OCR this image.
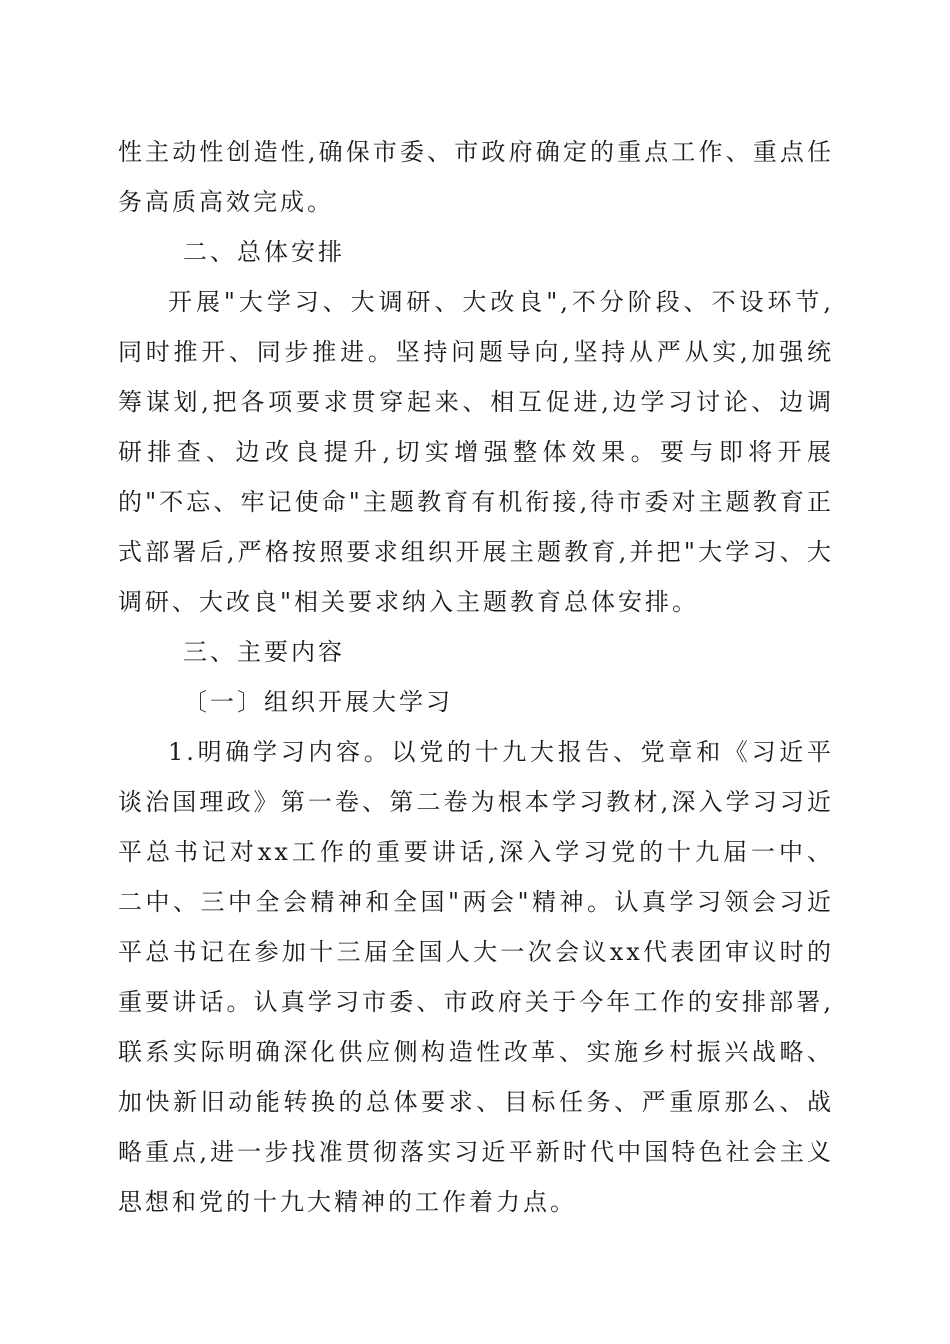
性主动性创造性,确保市委、市政府确定的重点工作、重点任务高质高效完成。

二、总体安排

开展"大学习、大调研、大改良",不分阶段、不设环节,同时推开、同步推进。坚持问题导向,坚持从严从实,加强统筹谋划,把各项要求贯穿起来、相互促进,边学习讨论、边调研排查、边改良提升,切实增强整体效果。要与即将开展的"不忘、牢记使命"主题教育有机衔接,待市委对主题教育正式部署后,严格按照要求组织开展主题教育,并把"大学习、大调研、大改良"相关要求纳入主题教育总体安排。

三、主要内容

〔一〕组织开展大学习

1.明确学习内容。以党的十九大报告、党章和《习近平谈治国理政》第一卷、第二卷为根本学习教材,深入学习习近平总书记对xx工作的重要讲话,深入学习党的十九届一中、二中、三中全会精神和全国"两会"精神。认真学习领会习近平总书记在参加十三届全国人大一次会议xx代表团审议时的重要讲话。认真学习市委、市政府关于今年工作的安排部署,联系实际明确深化供应侧构造性改革、实施乡村振兴战略、加快新旧动能转换的总体要求、目标任务、严重原那么、战略重点,进一步找准贯彻落实习近平新时代中国特色社会主义思想和党的十九大精神的工作着力点。
